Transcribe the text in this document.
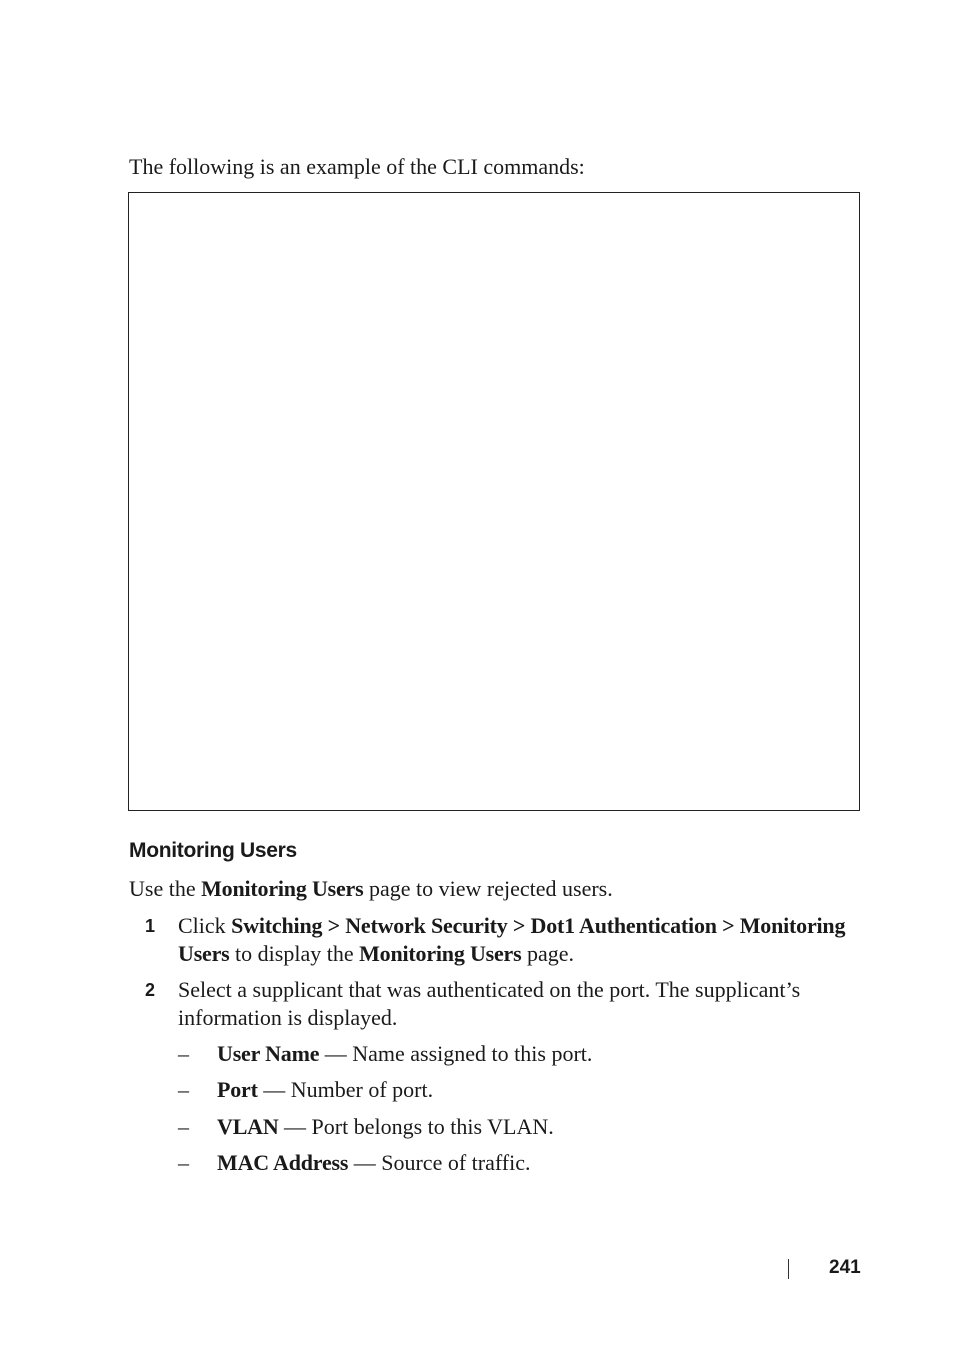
The following is an example of the CLI commands:

Monitoring Users

Use the Monitoring Users page to view rejected users.

1 Click Switching > Network Security > Dot1 Authentication > Monitoring Users to display the Monitoring Users page.

2 Select a supplicant that was authenticated on the port. The supplicant’s information is displayed.

– User Name — Name assigned to this port.

– Port — Number of port.

– VLAN — Port belongs to this VLAN.

– MAC Address — Source of traffic.

241
